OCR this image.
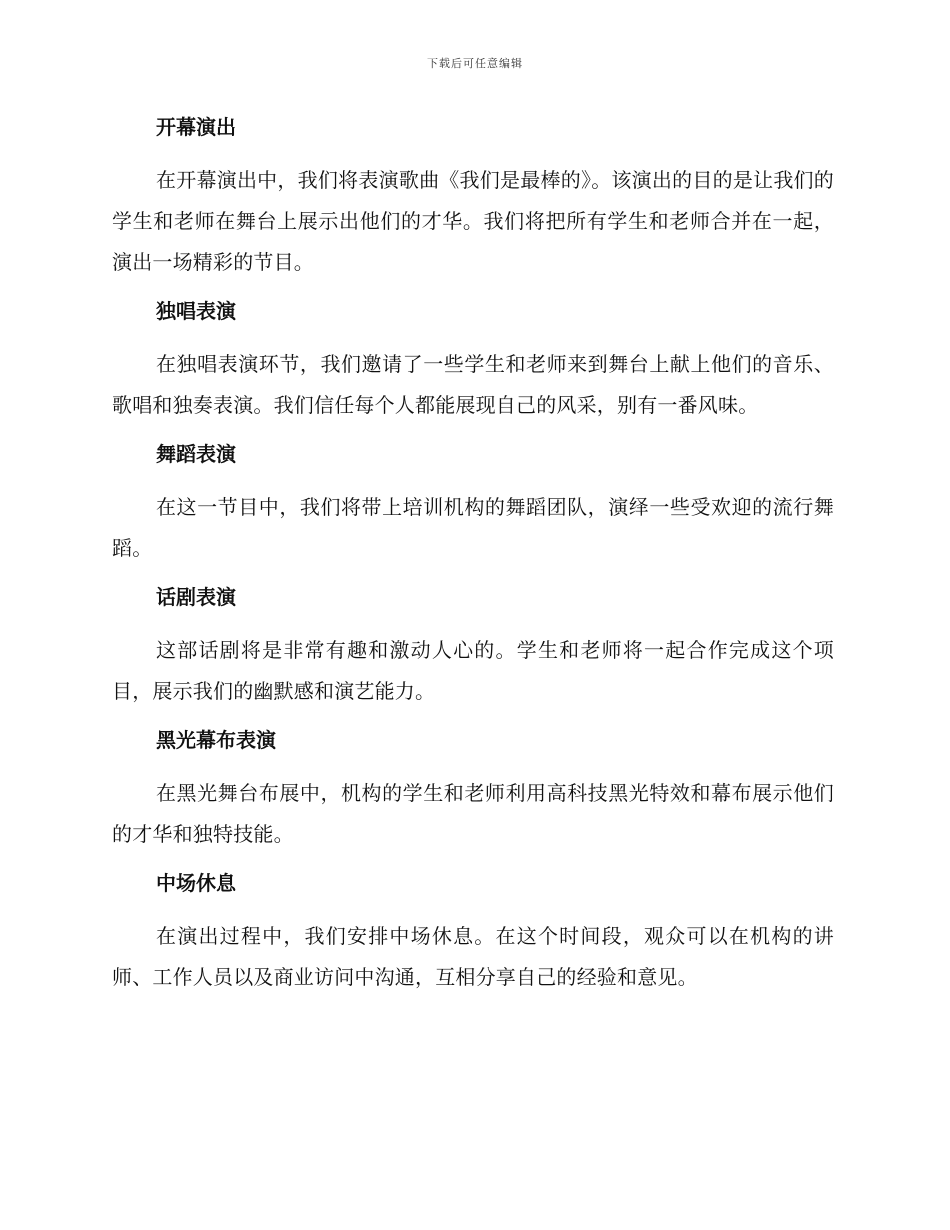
下载后可任意编辑
开幕演出

在开幕演出中，我们将表演歌曲《我们是最棒的》。该演出的目的是让我们的学生和老师在舞台上展示出他们的才华。我们将把所有学生和老师合并在一起，演出一场精彩的节目。

独唱表演

在独唱表演环节，我们邀请了一些学生和老师来到舞台上献上他们的音乐、歌唱和独奏表演。我们信任每个人都能展现自己的风采，别有一番风味。

舞蹈表演

在这一节目中，我们将带上培训机构的舞蹈团队，演绎一些受欢迎的流行舞蹈。

话剧表演

这部话剧将是非常有趣和激动人心的。学生和老师将一起合作完成这个项目，展示我们的幽默感和演艺能力。

黑光幕布表演

在黑光舞台布展中，机构的学生和老师利用高科技黑光特效和幕布展示他们的才华和独特技能。

中场休息

在演出过程中，我们安排中场休息。在这个时间段，观众可以在机构的讲师、工作人员以及商业访问中沟通，互相分享自己的经验和意见。
